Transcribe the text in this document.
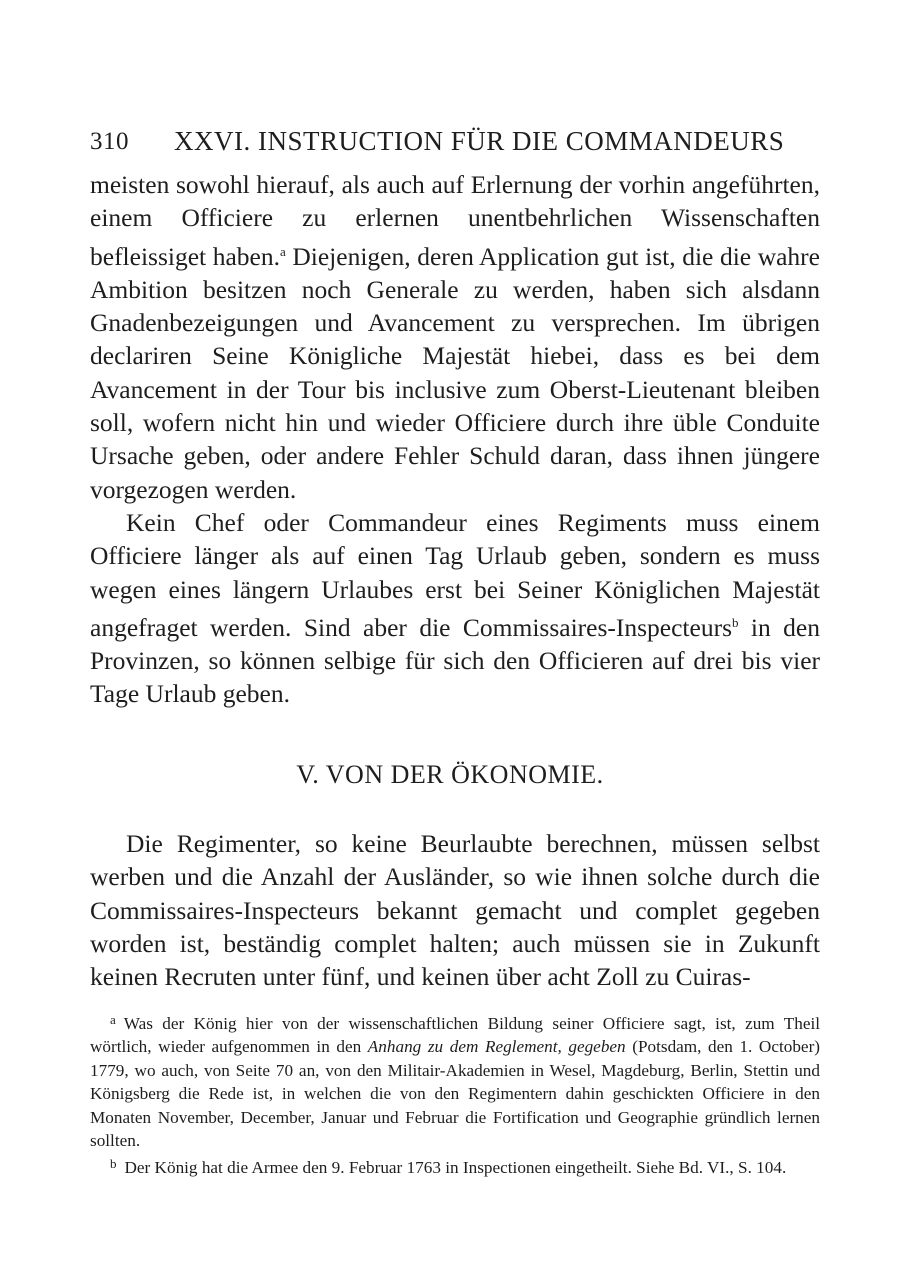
310 XXVI. INSTRUCTION FÜR DIE COMMANDEURS

meisten sowohl hierauf, als auch auf Erlernung der vorhin angeführten, einem Officiere zu erlernen unentbehrlichen Wissenschaften befleissiget haben.$^a$ Diejenigen, deren Application gut ist, die die wahre Ambition besitzen noch Generale zu werden, haben sich alsdann Gnadenbezeigungen und Avancement zu versprechen. Im übrigen declariren Seine Königliche Majestät hiebei, dass es bei dem Avancement in der Tour bis inclusive zum Oberst-Lieutenant bleiben soll, wofern nicht hin und wieder Officiere durch ihre üble Conduite Ursache geben, oder andere Fehler Schuld daran, dass ihnen jüngere vorgezogen werden.

Kein Chef oder Commandeur eines Regiments muss einem Officiere länger als auf einen Tag Urlaub geben, sondern es muss wegen eines längern Urlaubes erst bei Seiner Königlichen Majestät angefraget werden. Sind aber die Commissaires-Inspecteurs$^b$ in den Provinzen, so können selbige für sich den Officieren auf drei bis vier Tage Urlaub geben.

V. VON DER ÖKONOMIE.

Die Regimenter, so keine Beurlaubte berechnen, müssen selbst werben und die Anzahl der Ausländer, so wie ihnen solche durch die Commissaires-Inspecteurs bekannt gemacht und complet gegeben worden ist, beständig complet halten; auch müssen sie in Zukunft keinen Recruten unter fünf, und keinen über acht Zoll zu Cuiras-

$^a$ Was der König hier von der wissenschaftlichen Bildung seiner Officiere sagt, ist, zum Theil wörtlich, wieder aufgenommen in den Anhang zu dem Reglement, gegeben (Potsdam, den 1. October) 1779, wo auch, von Seite 70 an, von den Militair-Akademien in Wesel, Magdeburg, Berlin, Stettin und Königsberg die Rede ist, in welchen die von den Regimentern dahin geschickten Officiere in den Monaten November, December, Januar und Februar die Fortification und Geographie gründlich lernen sollten.

$^b$ Der König hat die Armee den 9. Februar 1763 in Inspectionen eingetheilt. Siehe Bd. VI., S. 104.
